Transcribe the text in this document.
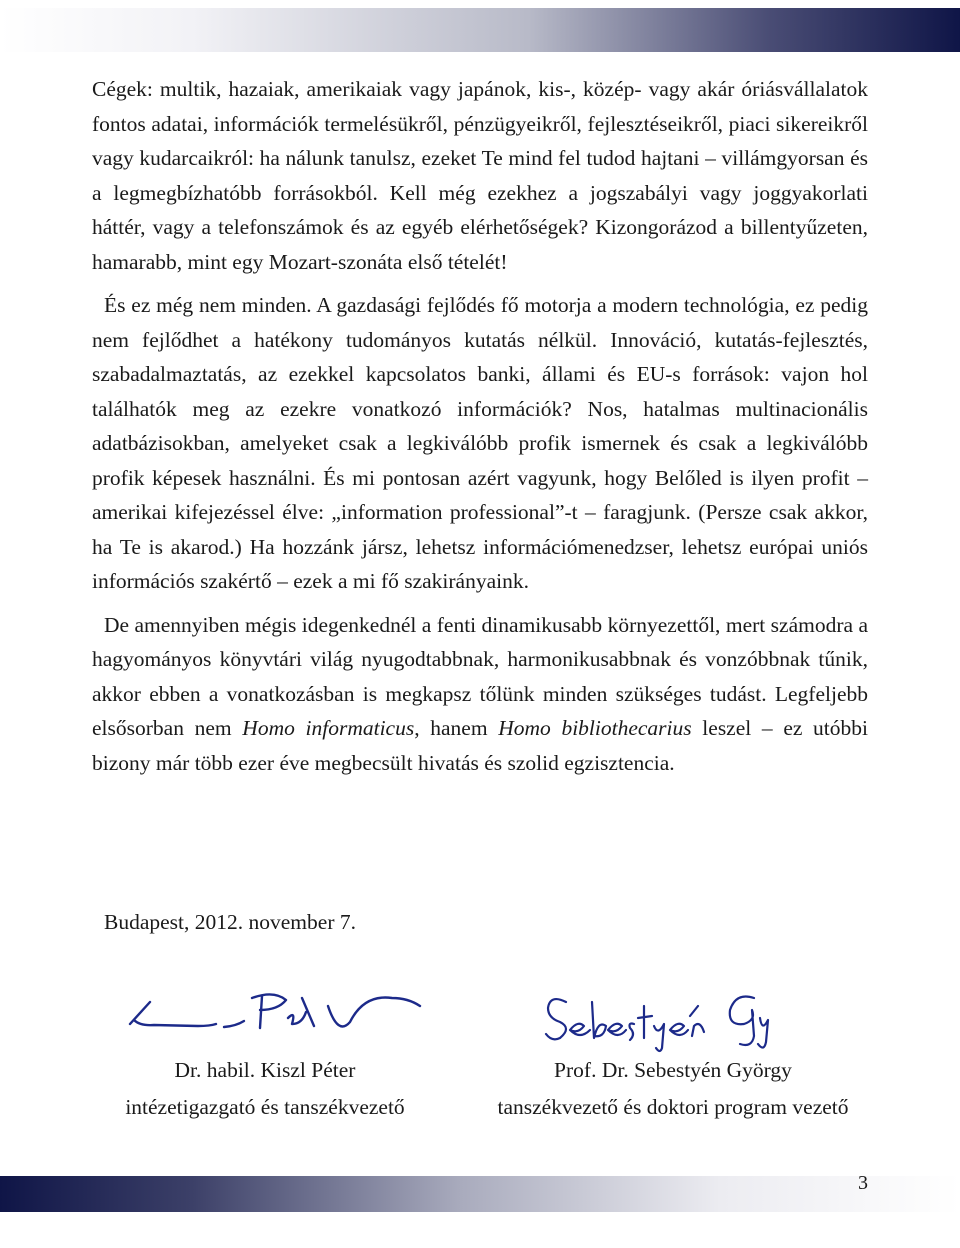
Cégek: multik, hazaiak, amerikaiak vagy japánok, kis-, közép- vagy akár óriásvállalatok fontos adatai, információk termelésükről, pénzügyeikről, fejlesztéseikről, piaci sikereikről vagy kudarcaikról: ha nálunk tanulsz, ezeket Te mind fel tudod hajtani – villámgyorsan és a legmegbízhatóbb forrásokból. Kell még ezekhez a jogszabályi vagy joggyakorlati háttér, vagy a telefonszámok és az egyéb elérhetőségek? Kizongorázod a billentyűzeten, hamarabb, mint egy Mozart-szonáta első tételét!

És ez még nem minden. A gazdasági fejlődés fő motorja a modern technológia, ez pedig nem fejlődhet a hatékony tudományos kutatás nélkül. Innováció, kutatás-fejlesztés, szabadalmaztatás, az ezekkel kapcsolatos banki, állami és EU-s források: vajon hol találhatók meg az ezekre vonatkozó információk? Nos, hatalmas multinacionális adatbázisokban, amelyeket csak a legkiválóbb profik ismernek és csak a legkiválóbb profik képesek használni. És mi pontosan azért vagyunk, hogy Belőled is ilyen profit – amerikai kifejezéssel élve: „information professional”-t – faragjunk. (Persze csak akkor, ha Te is akarod.) Ha hozzánk jársz, lehetsz információmenedzser, lehetsz európai uniós információs szakértő – ezek a mi fő szakirányaink.

De amennyiben mégis idegenkednél a fenti dinamikusabb környezettől, mert számodra a hagyományos könyvtári világ nyugodtabbnak, harmonikusabbnak és vonzóbbnak tűnik, akkor ebben a vonatkozásban is megkapsz tőlünk minden szükséges tudást. Legfeljebb elsősorban nem Homo informaticus, hanem Homo bibliothecarius leszel – ez utóbbi bizony már több ezer éve megbecsült hivatás és szolid egzisztencia.

Budapest, 2012. november 7.
Dr. habil. Kiszl Péter
intézetigazgató és tanszékvezető
Prof. Dr. Sebestyén György
tanszékvezető és doktori program vezető
3
